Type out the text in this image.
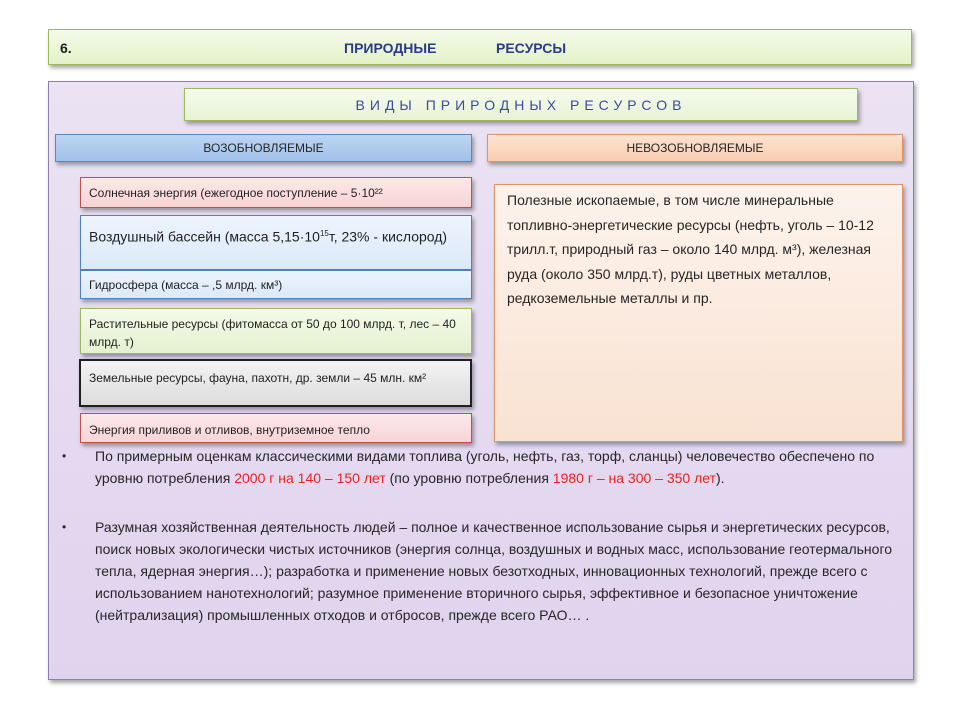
6.	ПРИРОДНЫЕ	РЕСУРСЫ
ВИДЫ ПРИРОДНЫХ РЕСУРСОВ
ВОЗОБНОВЛЯЕМЫЕ	НЕВОЗОБНОВЛЯЕМЫЕ
Солнечная энергия (ежегодное поступление – 5·10²²
Воздушный бассейн (масса $5,15\cdot 10^{15}т$, 23% - кислород)
Гидросфера (масса – ,5 млрд. км³)
Растительные ресурсы (фитомасса от 50 до 100 млрд. т, лес – 40 млрд. т)
Земельные ресурсы, фауна, пахотн, др. земли – 45 млн. км²
Энергия приливов и отливов, внутриземное тепло
Полезные ископаемые, в том числе минеральные топливно-энергетические ресурсы (нефть, уголь – 10-12 трилл.т, природный газ – около 140 млрд. м³), железная руда (около 350 млрд.т), руды цветных металлов, редкоземельные металлы и пр.
• По примерным оценкам классическими видами топлива (уголь, нефть, газ, торф, сланцы) человечество обеспечено по уровню потребления 2000 г на 140 – 150 лет (по уровню потребления 1980 г – на 300 – 350 лет).
• Разумная хозяйственная деятельность людей – полное и качественное использование сырья и энергетических ресурсов, поиск новых экологически чистых источников (энергия солнца, воздушных и водных масс, использование геотермального тепла, ядерная энергия…); разработка и применение новых безотходных, инновационных технологий, прежде всего с использованием нанотехнологий; разумное применение вторичного сырья, эффективное и безопасное уничтожение (нейтрализация) промышленных отходов и отбросов, прежде всего РАО… .
